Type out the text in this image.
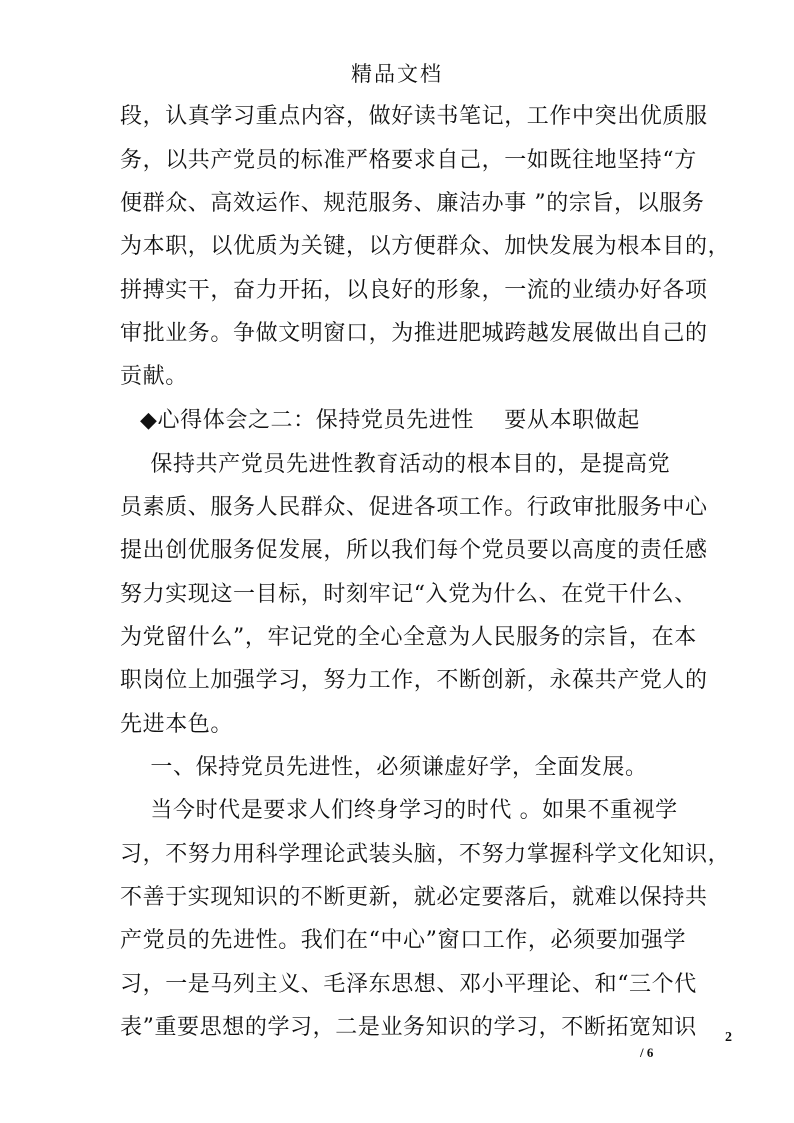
精品文档
段，认真学习重点内容，做好读书笔记，工作中突出优质服
务，以共产党员的标准严格要求自己，一如既往地坚持“方
便群众、高效运作、规范服务、廉洁办事 ”的宗旨，以服务
为本职，以优质为关键，以方便群众、加快发展为根本目的，
拼搏实干，奋力开拓，以良好的形象，一流的业绩办好各项
审批业务。争做文明窗口，为推进肥城跨越发展做出自己的
贡献。
◆心得体会之二：保持党员先进性    要从本职做起
保持共产党员先进性教育活动的根本目的，是提高党
员素质、服务人民群众、促进各项工作。行政审批服务中心
提出创优服务促发展，所以我们每个党员要以高度的责任感
努力实现这一目标，时刻牢记“入党为什么、在党干什么、
为党留什么”，牢记党的全心全意为人民服务的宗旨，在本
职岗位上加强学习，努力工作，不断创新，永葆共产党人的
先进本色。
一、保持党员先进性，必须谦虚好学，全面发展。
当今时代是要求人们终身学习的时代 。如果不重视学
习，不努力用科学理论武装头脑，不努力掌握科学文化知识，
不善于实现知识的不断更新，就必定要落后，就难以保持共
产党员的先进性。我们在“中心”窗口工作，必须要加强学
习，一是马列主义、毛泽东思想、邓小平理论、和“三个代
表”重要思想的学习，二是业务知识的学习，不断拓宽知识 2
/ 6
